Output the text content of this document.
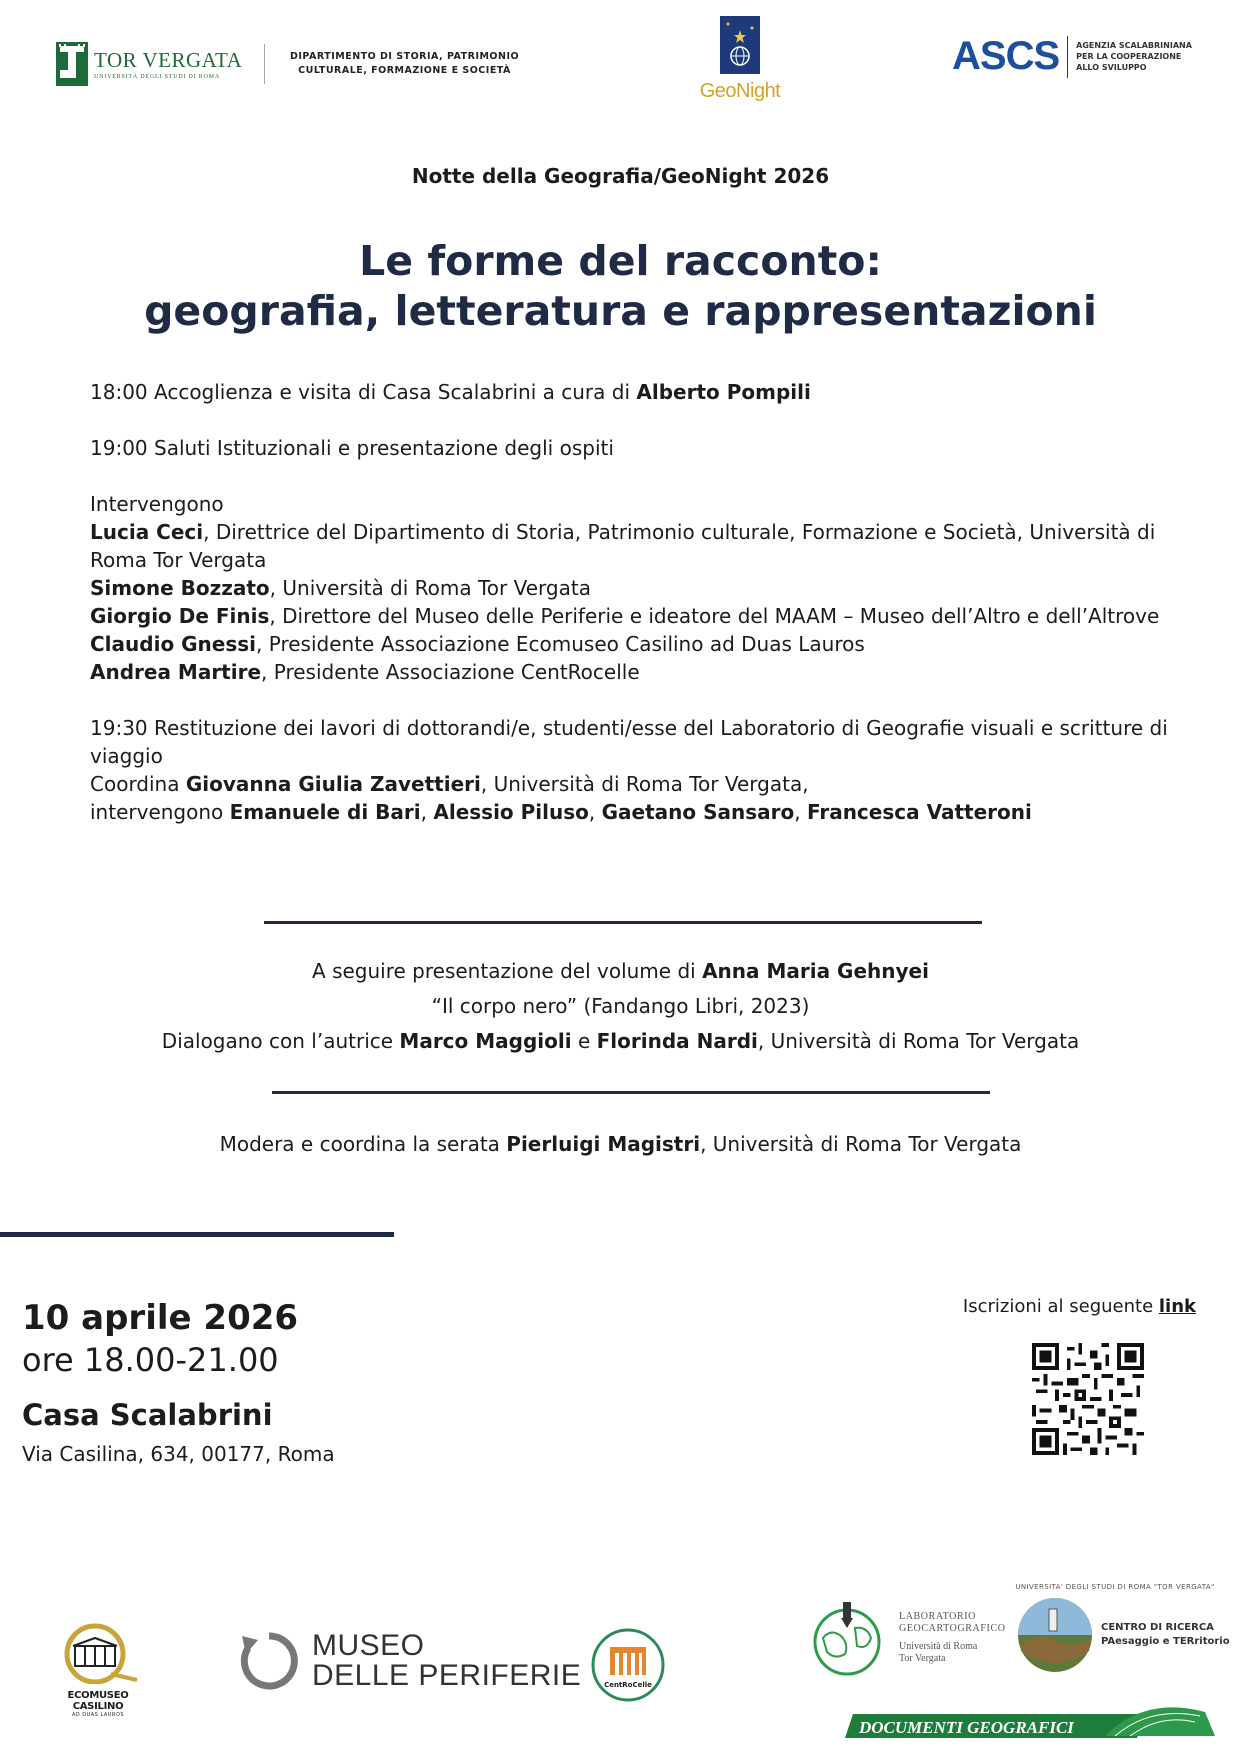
TOR VERGATA
UNIVERSITÀ DEGLI STUDI DI ROMA
DIPARTIMENTO DI STORIA, PATRIMONIO
CULTURALE, FORMAZIONE E SOCIETÀ
GeoNight
ASCS AGENZIA SCALABRINIANA
PER LA COOPERAZIONE
ALLO SVILUPPO
Notte della Geografia/GeoNight 2026
Le forme del racconto:
geografia, letteratura e rappresentazioni

18:00 Accoglienza e visita di Casa Scalabrini a cura di Alberto Pompili

19:00 Saluti Istituzionali e presentazione degli ospiti

Intervengono
Lucia Ceci, Direttrice del Dipartimento di Storia, Patrimonio culturale, Formazione e Società, Università di Roma Tor Vergata
Simone Bozzato, Università di Roma Tor Vergata
Giorgio De Finis, Direttore del Museo delle Periferie e ideatore del MAAM – Museo dell’Altro e dell’Altrove
Claudio Gnessi, Presidente Associazione Ecomuseo Casilino ad Duas Lauros
Andrea Martire, Presidente Associazione CentRocelle

19:30 Restituzione dei lavori di dottorandi/e, studenti/esse del Laboratorio di Geografie visuali e scritture di viaggio
Coordina Giovanna Giulia Zavettieri, Università di Roma Tor Vergata,
intervengono Emanuele di Bari, Alessio Piluso, Gaetano Sansaro, Francesca Vatteroni

A seguire presentazione del volume di Anna Maria Gehnyei
“Il corpo nero” (Fandango Libri, 2023)
Dialogano con l’autrice Marco Maggioli e Florinda Nardi, Università di Roma Tor Vergata
Modera e coordina la serata Pierluigi Magistri, Università di Roma Tor Vergata
10 aprile 2026
ore 18.00-21.00
Casa Scalabrini
Via Casilina, 634, 00177, Roma
Iscrizioni al seguente link
ECOMUSEO CASILINO
AD DUAS LAUROS
MUSEO
DELLE PERIFERIE	CentRoCelle
LABORATORIO
GEOCARTOGRAFICO
Università di Roma
Tor Vergata
UNIVERSITA' DEGLI STUDI DI ROMA "TOR VERGATA"
CENTRO DI RICERCA
PAesaggio e TERritorio
DOCUMENTI GEOGRAFICI
